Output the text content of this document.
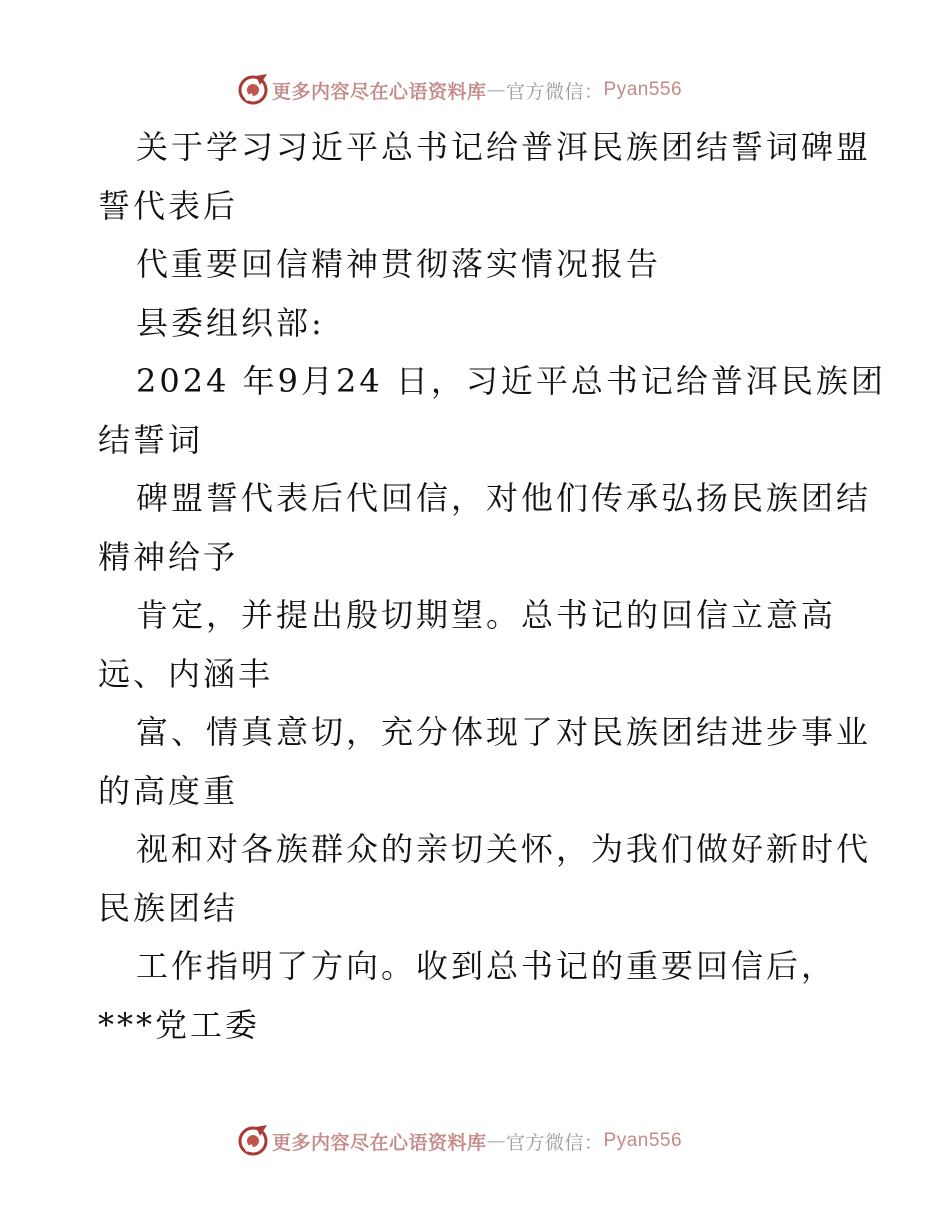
更多内容尽在心语资料库 — 官方微信： Pyan556
关于学习习近平总书记给普洱民族团结誓词碑盟
誓代表后
代重要回信精神贯彻落实情况报告
县委组织部:
2024 年9月24 日，习近平总书记给普洱民族团
结誓词
碑盟誓代表后代回信，对他们传承弘扬民族团结
精神给予
肯定，并提出殷切期望。总书记的回信立意高
远、内涵丰
富、情真意切，充分体现了对民族团结进步事业
的高度重
视和对各族群众的亲切关怀，为我们做好新时代
民族团结
工作指明了方向。收到总书记的重要回信后，
***党工委
更多内容尽在心语资料库 — 官方微信： Pyan556
